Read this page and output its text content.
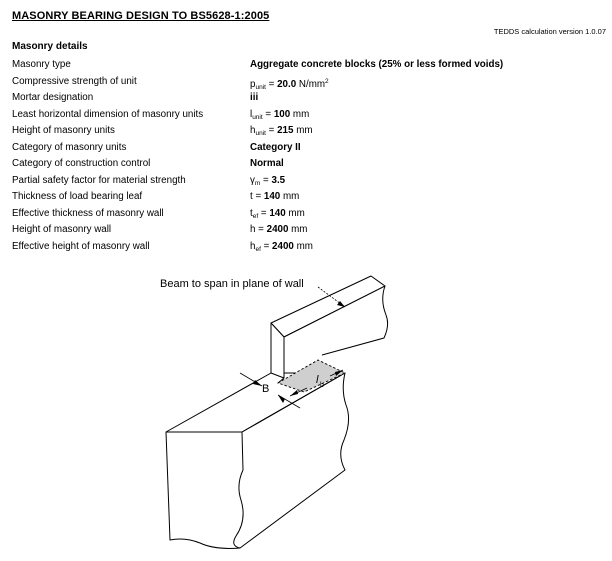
MASONRY BEARING DESIGN TO BS5628-1:2005
TEDDS calculation version 1.0.07
Masonry details
Masonry type	Aggregate concrete blocks (25% or less formed voids)
Compressive strength of unit	$p_{unit} = 20.0$ $N/mm^2$
Mortar designation	iii
Least horizontal dimension of masonry units	$l_{unit} = 100$ mm
Height of masonry units	$h_{unit} = 215$ mm
Category of masonry units	Category II
Category of construction control	Normal
Partial safety factor for material strength	$\gamma_m = 3.5$
Thickness of load bearing leaf	t = 140 mm
Effective thickness of masonry wall	$t_{ef} = 140$ mm
Height of masonry wall	h = 2400 mm
Effective height of masonry wall	$h_{ef} = 2400$ mm
Beam to span in plane of wall
B
l b
